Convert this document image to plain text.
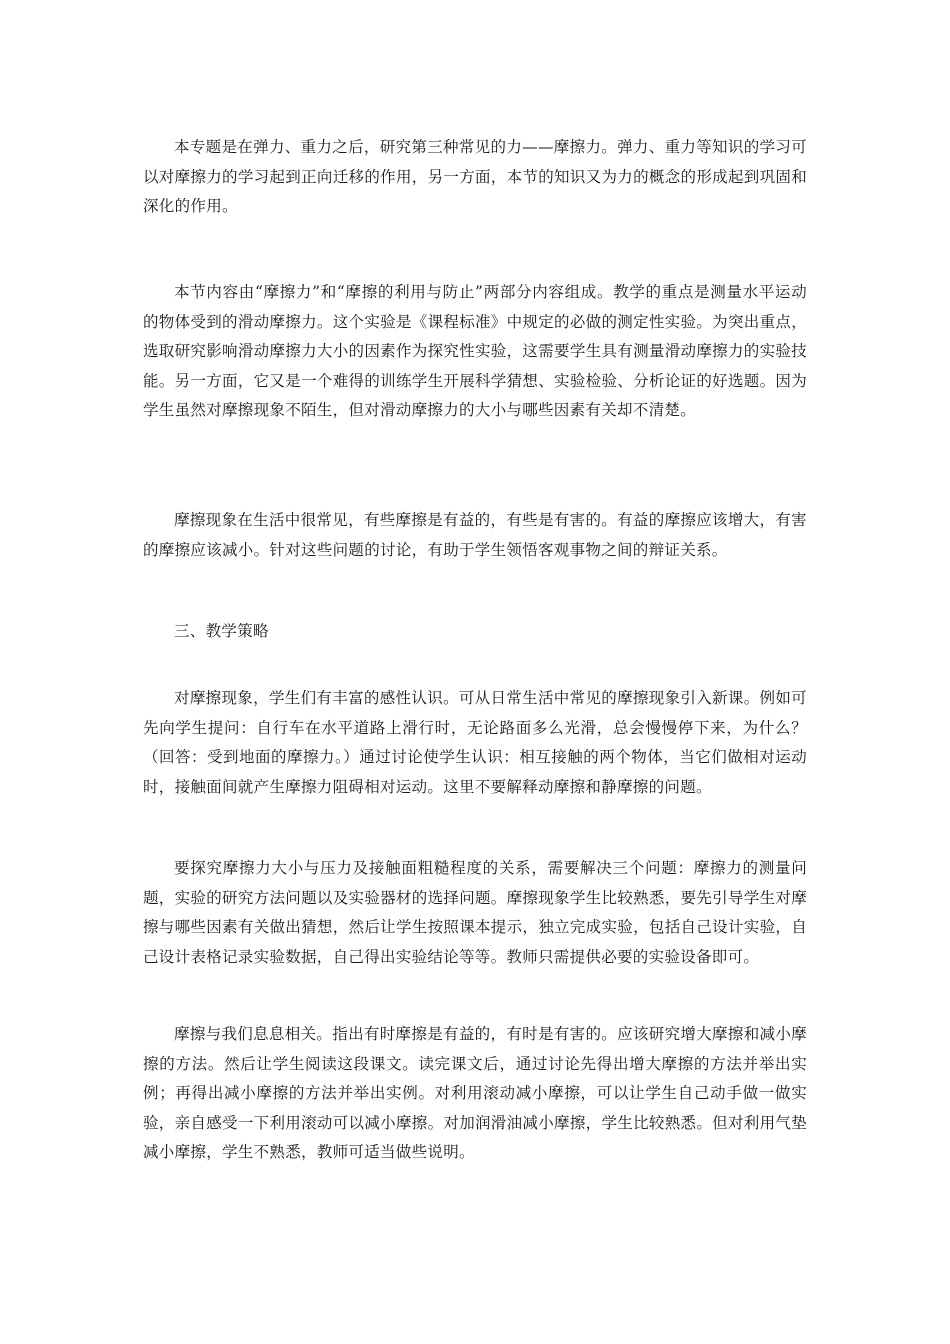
本专题是在弹力、重力之后，研究第三种常见的力——摩擦力。弹力、重力等知识的学习可以对摩擦力的学习起到正向迁移的作用，另一方面，本节的知识又为力的概念的形成起到巩固和深化的作用。

本节内容由“摩擦力”和“摩擦的利用与防止”两部分内容组成。教学的重点是测量水平运动的物体受到的滑动摩擦力。这个实验是《课程标准》中规定的必做的测定性实验。为突出重点，选取研究影响滑动摩擦力大小的因素作为探究性实验，这需要学生具有测量滑动摩擦力的实验技能。另一方面，它又是一个难得的训练学生开展科学猜想、实验检验、分析论证的好选题。因为学生虽然对摩擦现象不陌生，但对滑动摩擦力的大小与哪些因素有关却不清楚。

摩擦现象在生活中很常见，有些摩擦是有益的，有些是有害的。有益的摩擦应该增大，有害的摩擦应该减小。针对这些问题的讨论，有助于学生领悟客观事物之间的辩证关系。

三、教学策略

对摩擦现象，学生们有丰富的感性认识。可从日常生活中常见的摩擦现象引入新课。例如可先向学生提问：自行车在水平道路上滑行时，无论路面多么光滑，总会慢慢停下来，为什么？（回答：受到地面的摩擦力。）通过讨论使学生认识：相互接触的两个物体，当它们做相对运动时，接触面间就产生摩擦力阻碍相对运动。这里不要解释动摩擦和静摩擦的问题。

要探究摩擦力大小与压力及接触面粗糙程度的关系，需要解决三个问题：摩擦力的测量问题，实验的研究方法问题以及实验器材的选择问题。摩擦现象学生比较熟悉，要先引导学生对摩擦与哪些因素有关做出猜想，然后让学生按照课本提示，独立完成实验，包括自己设计实验，自己设计表格记录实验数据，自己得出实验结论等等。教师只需提供必要的实验设备即可。

摩擦与我们息息相关。指出有时摩擦是有益的，有时是有害的。应该研究增大摩擦和减小摩擦的方法。然后让学生阅读这段课文。读完课文后，通过讨论先得出增大摩擦的方法并举出实例；再得出减小摩擦的方法并举出实例。对利用滚动减小摩擦，可以让学生自己动手做一做实验，亲自感受一下利用滚动可以减小摩擦。对加润滑油减小摩擦，学生比较熟悉。但对利用气垫减小摩擦，学生不熟悉，教师可适当做些说明。
